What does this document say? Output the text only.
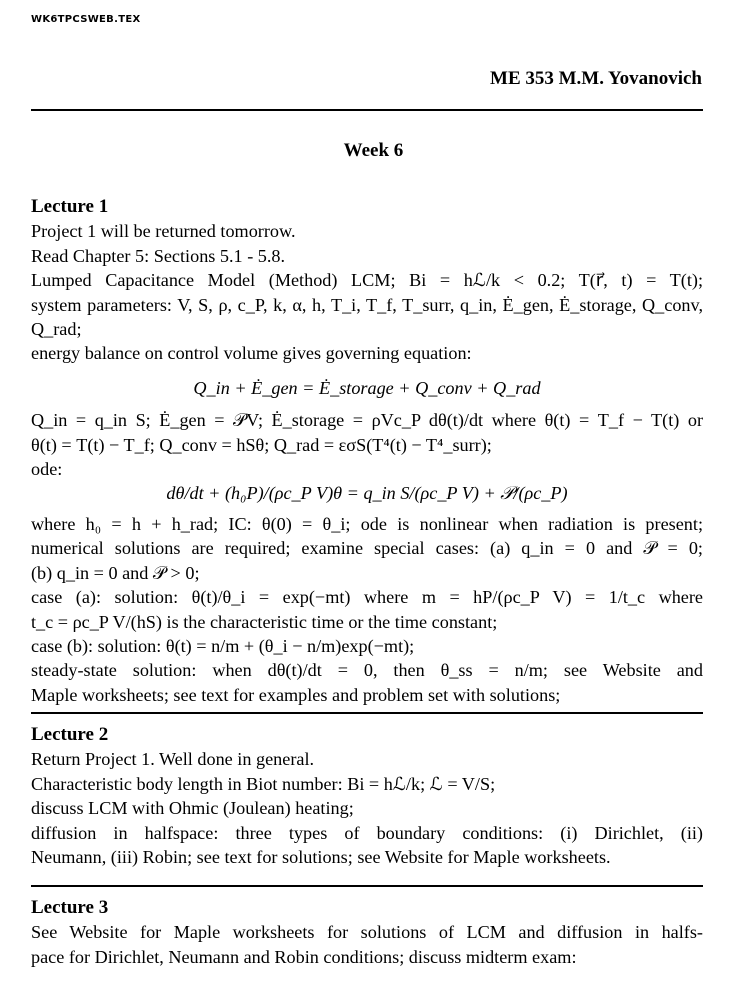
WK6TPCSWEB.TEX
ME 353 M.M. Yovanovich
Week 6
Lecture 1

Project 1 will be returned tomorrow.

Read Chapter 5: Sections 5.1 - 5.8.

Lumped Capacitance Model (Method) LCM; Bi = hℒ/k < 0.2; T(r⃗, t) = T(t);

system parameters: V, S, ρ, c_P, k, α, h, T_i, T_f, T_surr, q_in, Ė_gen, Ė_storage, Q_conv, Q_rad;

energy balance on control volume gives governing equation:

Q_in + Ė_gen = Ė_storage + Q_conv + Q_rad

Q_in = q_in S; Ė_gen = 𝒫V; Ė_storage = ρVc_P dθ(t)/dt where θ(t) = T_f − T(t) or

θ(t) = T(t) − T_f; Q_conv = hSθ; Q_rad = εσS(T⁴(t) − T⁴_surr);

ode:

dθ/dt + (h₀P)/(ρc_P V)θ = q_in S/(ρc_P V) + 𝒫/(ρc_P)

where h₀ = h + h_rad; IC: θ(0) = θ_i; ode is nonlinear when radiation is present;

numerical solutions are required; examine special cases: (a) q_in = 0 and 𝒫 = 0;

(b) q_in = 0 and 𝒫 > 0;

case (a): solution: θ(t)/θ_i = exp(−mt) where m = hP/(ρc_P V) = 1/t_c where

t_c = ρc_P V/(hS) is the characteristic time or the time constant;

case (b): solution: θ(t) = n/m + (θ_i − n/m)exp(−mt);

steady-state solution: when dθ(t)/dt = 0, then θ_ss = n/m; see Website and

Maple worksheets; see text for examples and problem set with solutions;

Lecture 2

Return Project 1. Well done in general.

Characteristic body length in Biot number: Bi = hℒ/k; ℒ = V/S;

discuss LCM with Ohmic (Joulean) heating;

diffusion in halfspace: three types of boundary conditions: (i) Dirichlet, (ii)

Neumann, (iii) Robin; see text for solutions; see Website for Maple worksheets.

Lecture 3

See Website for Maple worksheets for solutions of LCM and diffusion in halfs-

pace for Dirichlet, Neumann and Robin conditions; discuss midterm exam:
